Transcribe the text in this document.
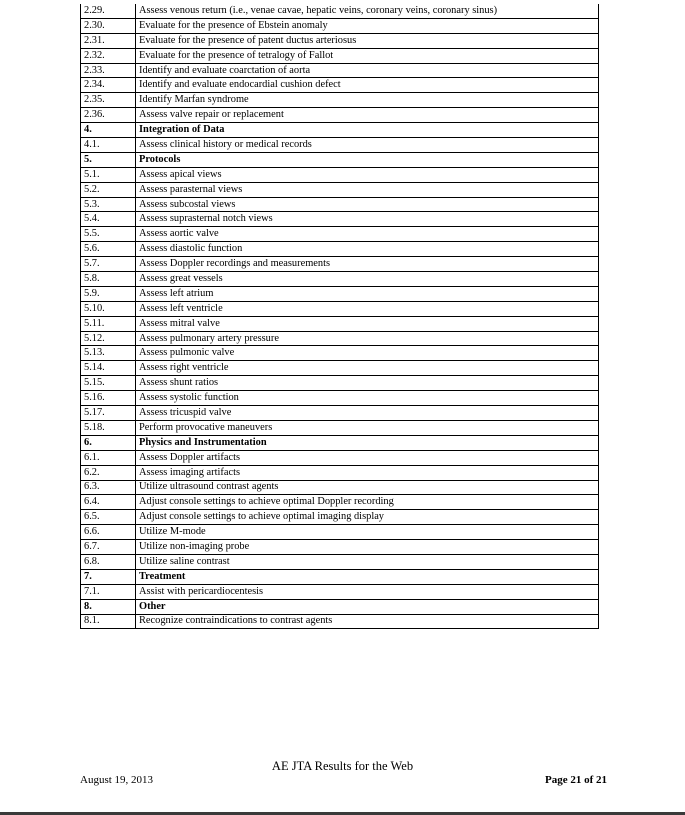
2.29.	Assess venous return (i.e., venae cavae, hepatic veins, coronary veins, coronary sinus)
2.30.	Evaluate for the presence of Ebstein anomaly
2.31.	Evaluate for the presence of patent ductus arteriosus
2.32.	Evaluate for the presence of tetralogy of Fallot
2.33.	Identify and evaluate coarctation of aorta
2.34.	Identify and evaluate endocardial cushion defect
2.35.	Identify Marfan syndrome
2.36.	Assess valve repair or replacement
4.	Integration of Data
4.1.	Assess clinical history or medical records
5.	Protocols
5.1.	Assess apical views
5.2.	Assess parasternal views
5.3.	Assess subcostal views
5.4.	Assess suprasternal notch views
5.5.	Assess aortic valve
5.6.	Assess diastolic function
5.7.	Assess Doppler recordings and measurements
5.8.	Assess great vessels
5.9.	Assess left atrium
5.10.	Assess left ventricle
5.11.	Assess mitral valve
5.12.	Assess pulmonary artery pressure
5.13.	Assess pulmonic valve
5.14.	Assess right ventricle
5.15.	Assess shunt ratios
5.16.	Assess systolic function
5.17.	Assess tricuspid valve
5.18.	Perform provocative maneuvers
6.	Physics and Instrumentation
6.1.	Assess Doppler artifacts
6.2.	Assess imaging artifacts
6.3.	Utilize ultrasound contrast agents
6.4.	Adjust console settings to achieve optimal Doppler recording
6.5.	Adjust console settings to achieve optimal imaging display
6.6.	Utilize M-mode
6.7.	Utilize non-imaging probe
6.8.	Utilize saline contrast
7.	Treatment
7.1.	Assist with pericardiocentesis
8.	Other
8.1.	Recognize contraindications to contrast agents
AE JTA Results for the Web
August 19, 2013	Page 21 of 21
